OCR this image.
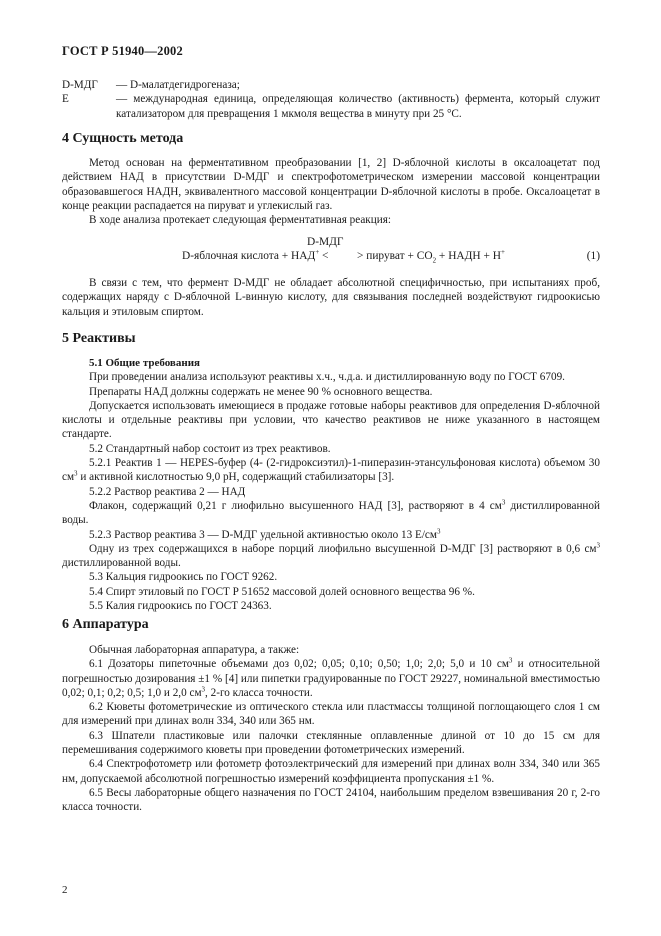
ГОСТ Р 51940—2002
D-МДГ	— D-малатдегидрогеназа;
Е	— международная единица, определяющая количество (активность) фермента, который служит катализатором для превращения 1 мкмоля вещества в минуту при 25 °С.
4 Сущность метода

Метод основан на ферментативном преобразовании [1, 2] D-яблочной кислоты в оксалоацетат под действием НАД в присутствии D-МДГ и спектрофотометрическом измерении массовой концентрации образовавшегося НАДН, эквивалентного массовой концентрации D-яблочной кислоты в пробе. Оксалоацетат в конце реакции распадается на пируват и углекислый газ.

В ходе анализа протекает следующая ферментативная реакция:

D-МДГ
D-яблочная кислота + НАД+ <          > пируват + $СО_2$ + НАДН + Н+	(1)

В связи с тем, что фермент D-МДГ не обладает абсолютной специфичностью, при испытаниях проб, содержащих наряду с D-яблочной L-винную кислоту, для связывания последней воздействуют гидроокисью кальция и этиловым спиртом.

5 Реактивы

5.1 Общие требования

При проведении анализа используют реактивы х.ч., ч.д.а. и дистиллированную воду по ГОСТ 6709.

Препараты НАД должны содержать не менее 90 % основного вещества.

Допускается использовать имеющиеся в продаже готовые наборы реактивов для определения D-яблочной кислоты и отдельные реактивы при условии, что качество реактивов не ниже указанного в настоящем стандарте.

5.2 Стандартный набор состоит из трех реактивов.

5.2.1 Реактив 1 — НЕРЕS-буфер (4- (2-гидроксиэтил)-1-пиперазин-этансульфоновая кислота) объемом 30 $см^3$ и активной кислотностью 9,0 рН, содержащий стабилизаторы [3].

5.2.2 Раствор реактива 2 — НАД

Флакон, содержащий 0,21 г лиофильно высушенного НАД [3], растворяют в 4 $см^3$ дистиллированной воды.

5.2.3 Раствор реактива 3 — D-МДГ удельной активностью около 13 $Е/см^3$

Одну из трех содержащихся в наборе порций лиофильно высушенной D-МДГ [3] растворяют в 0,6 $см^3$ дистиллированной воды.

5.3 Кальция гидроокись по ГОСТ 9262.

5.4 Спирт этиловый по ГОСТ Р 51652 массовой долей основного вещества 96 %.

5.5 Калия гидроокись по ГОСТ 24363.

6 Аппаратура

Обычная лабораторная аппаратура, а также:

6.1 Дозаторы пипеточные объемами доз 0,02; 0,05; 0,10; 0,50; 1,0; 2,0; 5,0 и 10 $см^3$ и относительной погрешностью дозирования ±1 % [4] или пипетки градуированные по ГОСТ 29227, номинальной вместимостью 0,02; 0,1; 0,2; 0,5; 1,0 и 2,0 $см^3$, 2-го класса точности.

6.2 Кюветы фотометрические из оптического стекла или пластмассы толщиной поглощающего слоя 1 см для измерений при длинах волн 334, 340 или 365 нм.

6.3 Шпатели пластиковые или палочки стеклянные оплавленные длиной от 10 до 15 см для перемешивания содержимого кюветы при проведении фотометрических измерений.

6.4 Спектрофотометр или фотометр фотоэлектрический для измерений при длинах волн 334, 340 или 365 нм, допускаемой абсолютной погрешностью измерений коэффициента пропускания ±1 %.

6.5 Весы лабораторные общего назначения по ГОСТ 24104, наибольшим пределом взвешивания 20 г, 2-го класса точности.

2
